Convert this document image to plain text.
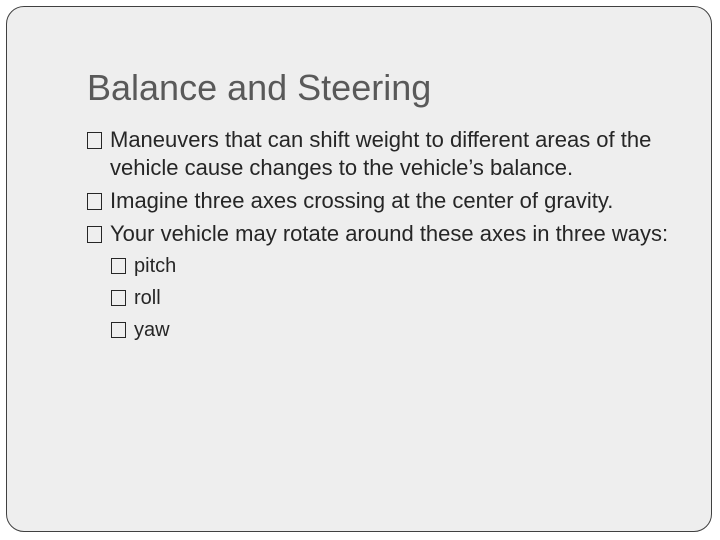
Balance and Steering
Maneuvers that can shift weight to different areas of the vehicle cause changes to the vehicle’s balance.
Imagine three axes crossing at the center of gravity.
Your vehicle may rotate around these axes in three ways:
pitch
roll
yaw
